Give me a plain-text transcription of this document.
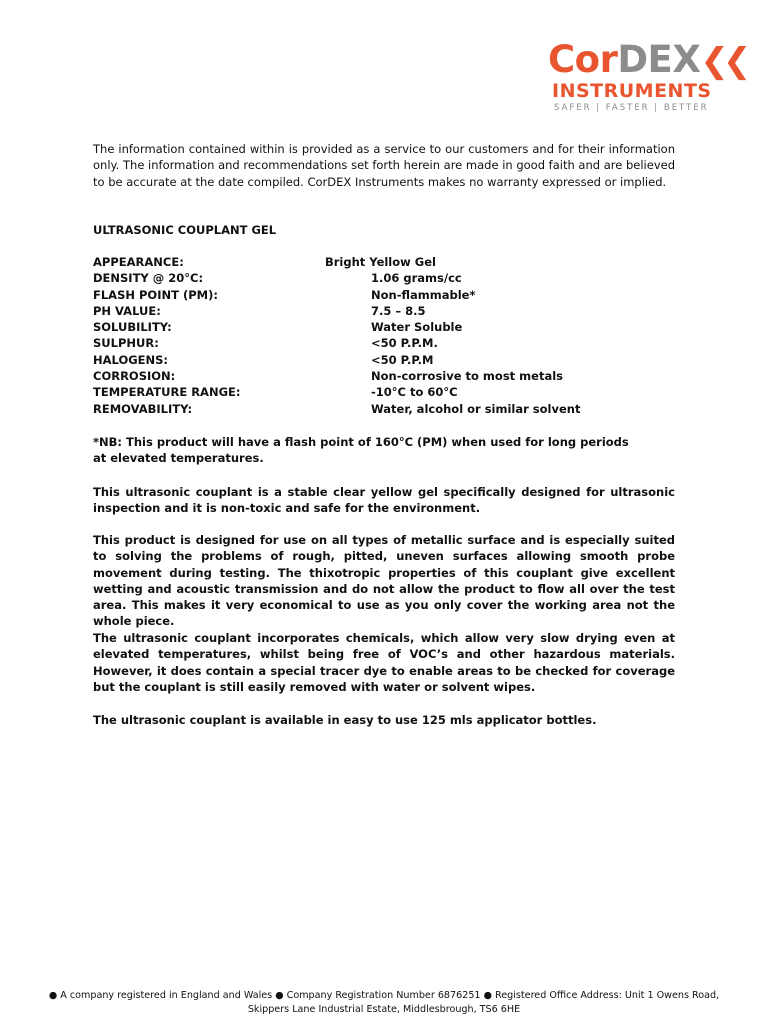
CorDEX❮❮
INSTRUMENTS
SAFER | FASTER | BETTER
The information contained within is provided as a service to our customers and for their information only. The information and recommendations set forth herein are made in good faith and are believed to be accurate at the date compiled. CorDEX Instruments makes no warranty expressed or implied.
ULTRASONIC COUPLANT GEL
APPEARANCE:	Bright Yellow Gel
DENSITY @ 20°C:	1.06 grams/cc
FLASH POINT (PM):	Non-flammable*
PH VALUE:	7.5 – 8.5
SOLUBILITY:	Water Soluble
SULPHUR:	<50 P.P.M.
HALOGENS:	<50 P.P.M
CORROSION:	Non-corrosive to most metals
TEMPERATURE RANGE:	-10°C to 60°C
REMOVABILITY:	Water, alcohol or similar solvent
*NB: This product will have a flash point of 160°C (PM) when used for long periods
at elevated temperatures.
This ultrasonic couplant is a stable clear yellow gel specifically designed for ultrasonic inspection and it is non-toxic and safe for the environment.
This product is designed for use on all types of metallic surface and is especially suited to solving the problems of rough, pitted, uneven surfaces allowing smooth probe movement during testing. The thixotropic properties of this couplant give excellent wetting and acoustic transmission and do not allow the product to flow all over the test area. This makes it very economical to use as you only cover the working area not the whole piece.
The ultrasonic couplant incorporates chemicals, which allow very slow drying even at elevated temperatures, whilst being free of VOC’s and other hazardous materials. However, it does contain a special tracer dye to enable areas to be checked for coverage but the couplant is still easily removed with water or solvent wipes.
The ultrasonic couplant is available in easy to use 125 mls applicator bottles.
● A company registered in England and Wales ● Company Registration Number 6876251 ● Registered Office Address: Unit 1 Owens Road,
Skippers Lane Industrial Estate, Middlesbrough, TS6 6HE
